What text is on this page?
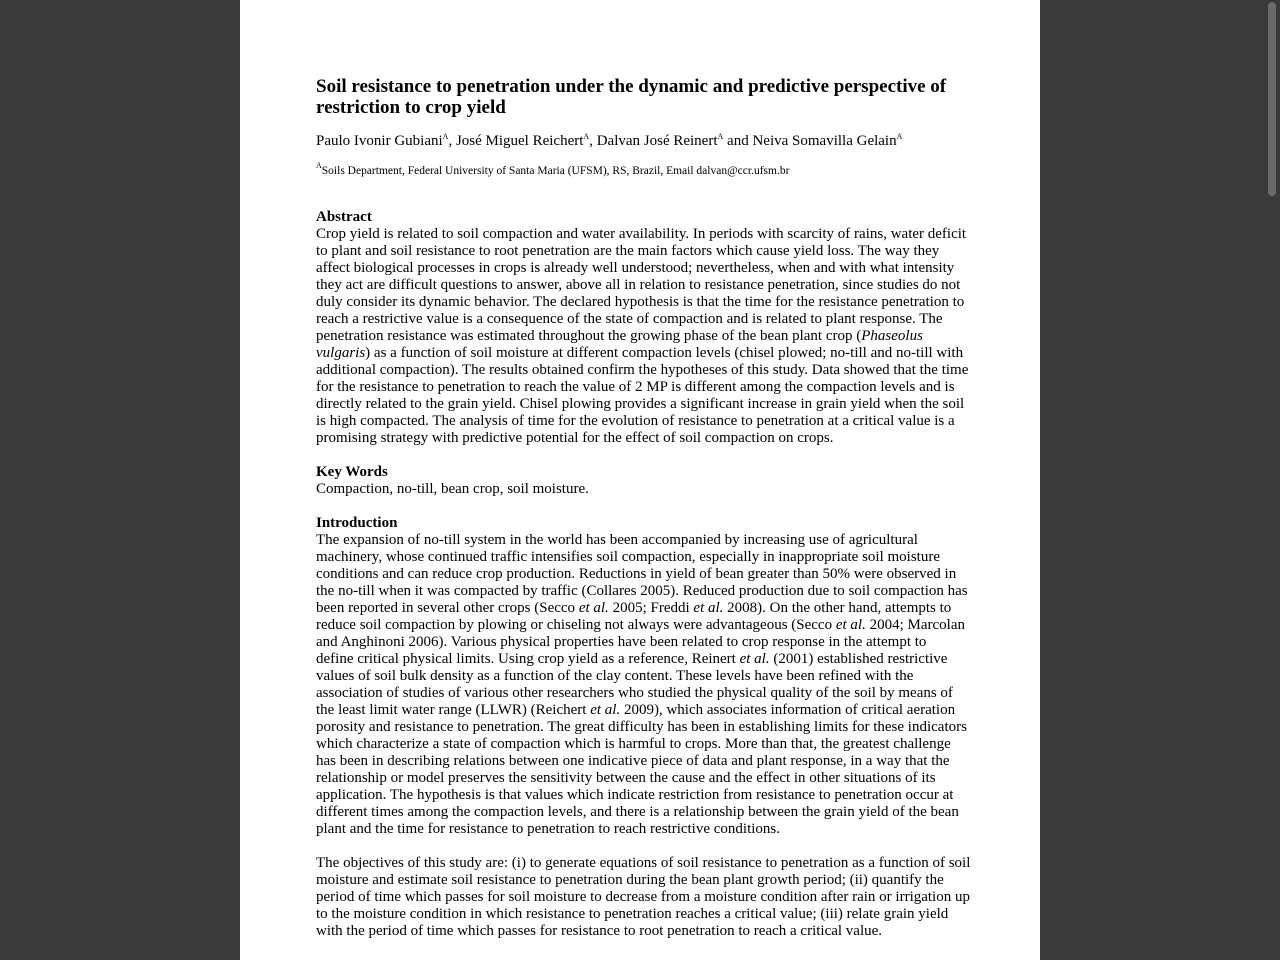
Soil resistance to penetration under the dynamic and predictive perspective of
restriction to crop yield
Paulo Ivonir Gubiani$^A$, José Miguel Reichert$^A$, Dalvan José Reinert$^A$ and Neiva Somavilla Gelain$^A$
$^A$Soils Department, Federal University of Santa Maria (UFSM), RS, Brazil, Email dalvan@ccr.ufsm.br
Abstract
Crop yield is related to soil compaction and water availability. In periods with scarcity of rains, water deficit
to plant and soil resistance to root penetration are the main factors which cause yield loss. The way they
affect biological processes in crops is already well understood; nevertheless, when and with what intensity
they act are difficult questions to answer, above all in relation to resistance penetration, since studies do not
duly consider its dynamic behavior. The declared hypothesis is that the time for the resistance penetration to
reach a restrictive value is a consequence of the state of compaction and is related to plant response. The
penetration resistance was estimated throughout the growing phase of the bean plant crop (Phaseolus
vulgaris) as a function of soil moisture at different compaction levels (chisel plowed; no-till and no-till with
additional compaction). The results obtained confirm the hypotheses of this study. Data showed that the time
for the resistance to penetration to reach the value of 2 MP is different among the compaction levels and is
directly related to the grain yield. Chisel plowing provides a significant increase in grain yield when the soil
is high compacted. The analysis of time for the evolution of resistance to penetration at a critical value is a
promising strategy with predictive potential for the effect of soil compaction on crops.
Key Words
Compaction, no-till, bean crop, soil moisture.
Introduction
The expansion of no-till system in the world has been accompanied by increasing use of agricultural
machinery, whose continued traffic intensifies soil compaction, especially in inappropriate soil moisture
conditions and can reduce crop production. Reductions in yield of bean greater than 50% were observed in
the no-till when it was compacted by traffic (Collares 2005). Reduced production due to soil compaction has
been reported in several other crops (Secco et al. 2005; Freddi et al. 2008). On the other hand, attempts to
reduce soil compaction by plowing or chiseling not always were advantageous (Secco et al. 2004; Marcolan
and Anghinoni 2006). Various physical properties have been related to crop response in the attempt to
define critical physical limits. Using crop yield as a reference, Reinert et al. (2001) established restrictive
values of soil bulk density as a function of the clay content. These levels have been refined with the
association of studies of various other researchers who studied the physical quality of the soil by means of
the least limit water range (LLWR) (Reichert et al. 2009), which associates information of critical aeration
porosity and resistance to penetration. The great difficulty has been in establishing limits for these indicators
which characterize a state of compaction which is harmful to crops. More than that, the greatest challenge
has been in describing relations between one indicative piece of data and plant response, in a way that the
relationship or model preserves the sensitivity between the cause and the effect in other situations of its
application. The hypothesis is that values which indicate restriction from resistance to penetration occur at
different times among the compaction levels, and there is a relationship between the grain yield of the bean
plant and the time for resistance to penetration to reach restrictive conditions.
The objectives of this study are: (i) to generate equations of soil resistance to penetration as a function of soil
moisture and estimate soil resistance to penetration during the bean plant growth period; (ii) quantify the
period of time which passes for soil moisture to decrease from a moisture condition after rain or irrigation up
to the moisture condition in which resistance to penetration reaches a critical value; (iii) relate grain yield
with the period of time which passes for resistance to root penetration to reach a critical value.
